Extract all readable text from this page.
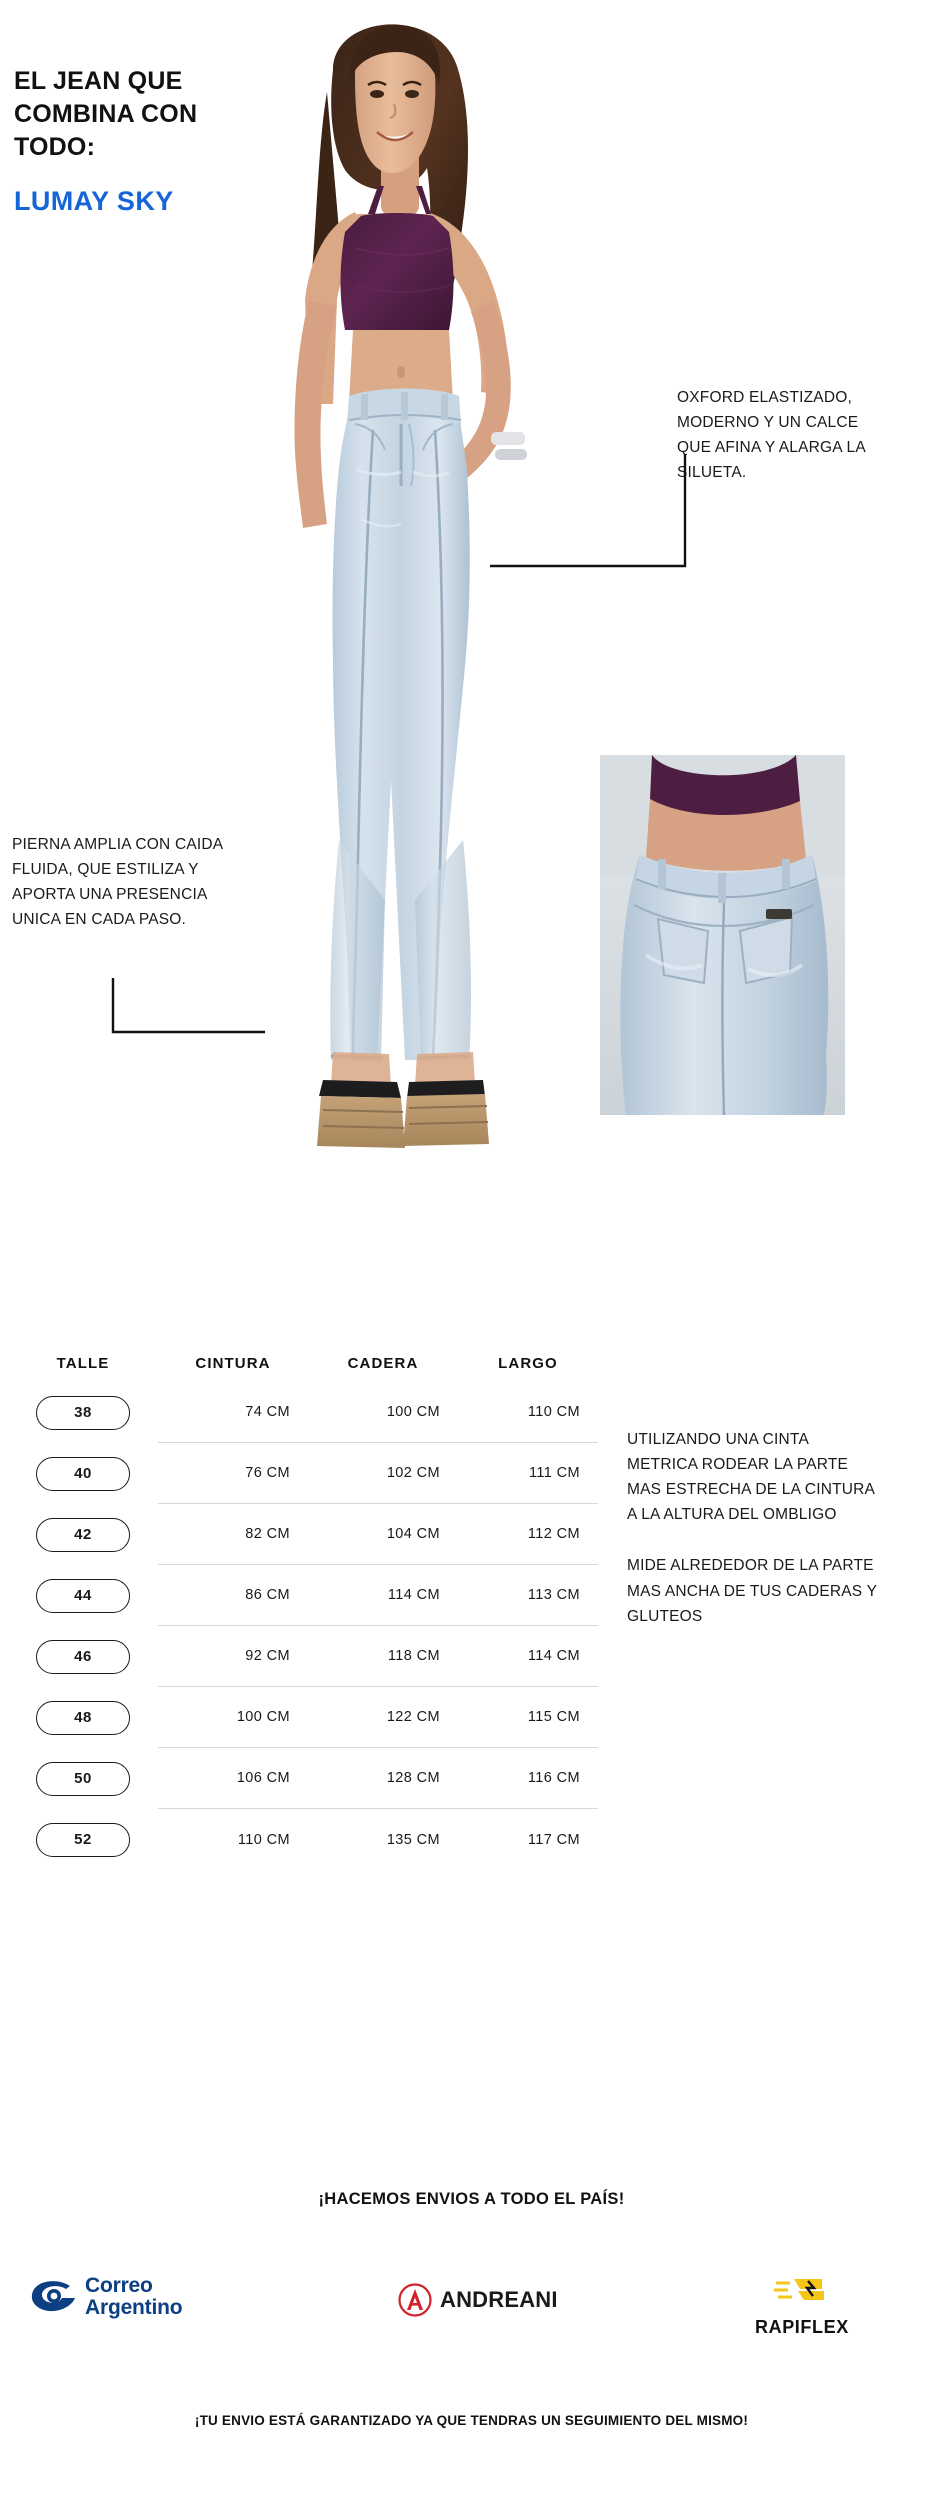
EL JEAN QUE COMBINA CON TODO:
LUMAY SKY
OXFORD ELASTIZADO, MODERNO Y UN CALCE QUE AFINA Y ALARGA LA SILUETA.
PIERNA AMPLIA CON CAIDA FLUIDA, QUE ESTILIZA Y APORTA UNA PRESENCIA UNICA EN CADA PASO.
TALLE	CINTURA	CADERA	LARGO
38	74 CM	100 CM	110 CM
40	76 CM	102 CM	111 CM
42	82 CM	104 CM	112 CM
44	86 CM	114 CM	113 CM
46	92 CM	118 CM	114 CM
48	100 CM	122 CM	115 CM
50	106 CM	128 CM	116 CM
52	110 CM	135 CM	117 CM
UTILIZANDO UNA CINTA METRICA RODEAR LA PARTE MAS ESTRECHA DE LA CINTURA A LA ALTURA DEL OMBLIGO
MIDE ALREDEDOR DE LA PARTE MAS ANCHA DE TUS CADERAS Y GLUTEOS
¡HACEMOS ENVIOS A TODO EL PAÍS!
Correo
Argentino	ANDREANI
RAPIFLEX
¡TU ENVIO ESTÁ GARANTIZADO YA QUE TENDRAS UN SEGUIMIENTO DEL MISMO!
